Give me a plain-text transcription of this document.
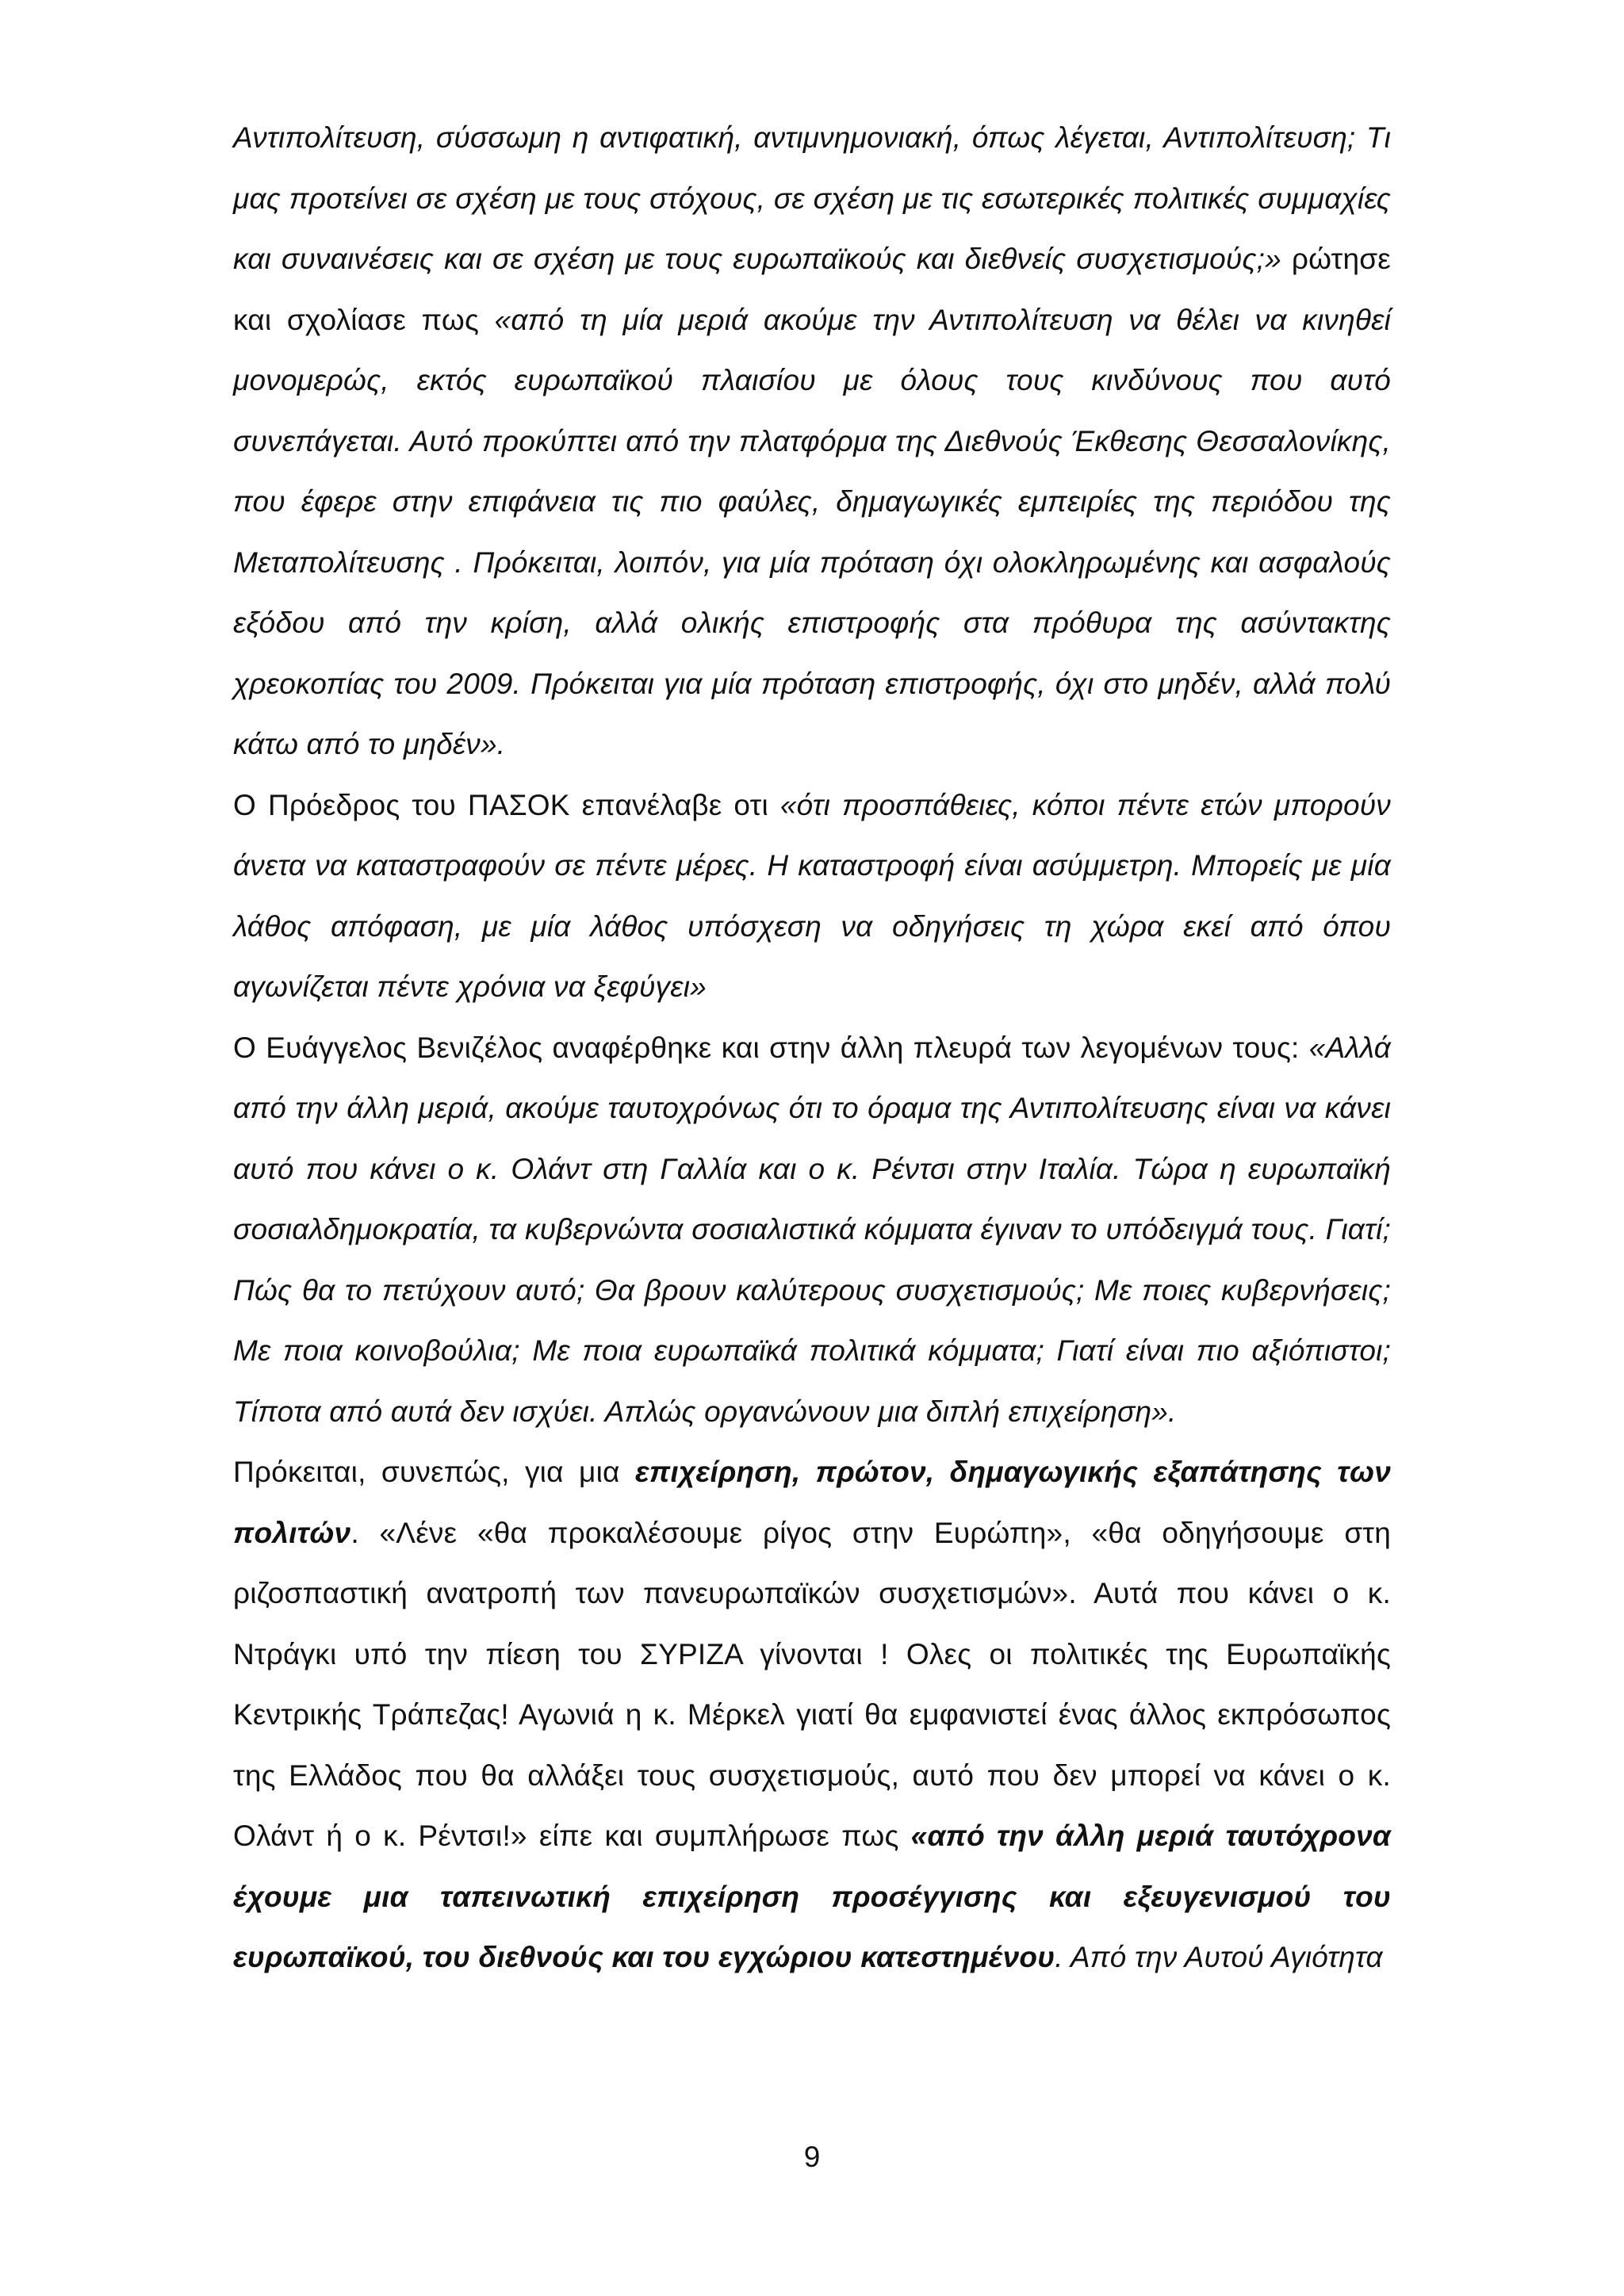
Αντιπολίτευση, σύσσωμη η αντιφατική, αντιμνημονιακή, όπως λέγεται, Αντιπολίτευση; Τι μας προτείνει σε σχέση με τους στόχους, σε σχέση με τις εσωτερικές πολιτικές συμμαχίες και συναινέσεις και σε σχέση με τους ευρωπαϊκούς και διεθνείς συσχετισμούς;» ρώτησε και σχολίασε πως «από τη μία μεριά ακούμε την Αντιπολίτευση να θέλει να κινηθεί μονομερώς, εκτός ευρωπαϊκού πλαισίου με όλους τους κινδύνους που αυτό συνεπάγεται. Αυτό προκύπτει από την πλατφόρμα της Διεθνούς Έκθεσης Θεσσαλονίκης, που έφερε στην επιφάνεια τις πιο φαύλες, δημαγωγικές εμπειρίες της περιόδου της Μεταπολίτευσης . Πρόκειται, λοιπόν, για μία πρόταση όχι ολοκληρωμένης και ασφαλούς εξόδου από την κρίση, αλλά ολικής επιστροφής στα πρόθυρα της ασύντακτης χρεοκοπίας του 2009. Πρόκειται για μία πρόταση επιστροφής, όχι στο μηδέν, αλλά πολύ κάτω από το μηδέν».

Ο Πρόεδρος του ΠΑΣΟΚ επανέλαβε οτι «ότι προσπάθειες, κόποι πέντε ετών μπορούν άνετα να καταστραφούν σε πέντε μέρες. Η καταστροφή είναι ασύμμετρη. Μπορείς με μία λάθος απόφαση, με μία λάθος υπόσχεση να οδηγήσεις τη χώρα εκεί από όπου αγωνίζεται πέντε χρόνια να ξεφύγει»

Ο Ευάγγελος Βενιζέλος αναφέρθηκε και στην άλλη πλευρά των λεγομένων τους: «Αλλά από την άλλη μεριά, ακούμε ταυτοχρόνως ότι το όραμα της Αντιπολίτευσης είναι να κάνει αυτό που κάνει ο κ. Ολάντ στη Γαλλία και ο κ. Ρέντσι στην Ιταλία. Τώρα η ευρωπαϊκή σοσιαλδημοκρατία, τα κυβερνώντα σοσιαλιστικά κόμματα έγιναν το υπόδειγμά τους. Γιατί; Πώς θα το πετύχουν αυτό; Θα βρουν καλύτερους συσχετισμούς; Με ποιες κυβερνήσεις; Με ποια κοινοβούλια; Με ποια ευρωπαϊκά πολιτικά κόμματα; Γιατί είναι πιο αξιόπιστοι; Τίποτα από αυτά δεν ισχύει. Απλώς οργανώνουν μια διπλή επιχείρηση».

Πρόκειται, συνεπώς, για μια επιχείρηση, πρώτον, δημαγωγικής εξαπάτησης των πολιτών. «Λένε «θα προκαλέσουμε ρίγος στην Ευρώπη», «θα οδηγήσουμε στη ριζοσπαστική ανατροπή των πανευρωπαϊκών συσχετισμών». Αυτά που κάνει ο κ. Ντράγκι υπό την πίεση του ΣΥΡΙΖΑ γίνονται ! Ολες οι πολιτικές της Ευρωπαϊκής Κεντρικής Τράπεζας! Αγωνιά η κ. Μέρκελ γιατί θα εμφανιστεί ένας άλλος εκπρόσωπος της Ελλάδος που θα αλλάξει τους συσχετισμούς, αυτό που δεν μπορεί να κάνει ο κ. Ολάντ ή ο κ. Ρέντσι!» είπε και συμπλήρωσε πως «από την άλλη μεριά ταυτόχρονα έχουμε μια ταπεινωτική επιχείρηση προσέγγισης και εξευγενισμού του ευρωπαϊκού, του διεθνούς και του εγχώριου κατεστημένου. Από την Αυτού Αγιότητα

9
